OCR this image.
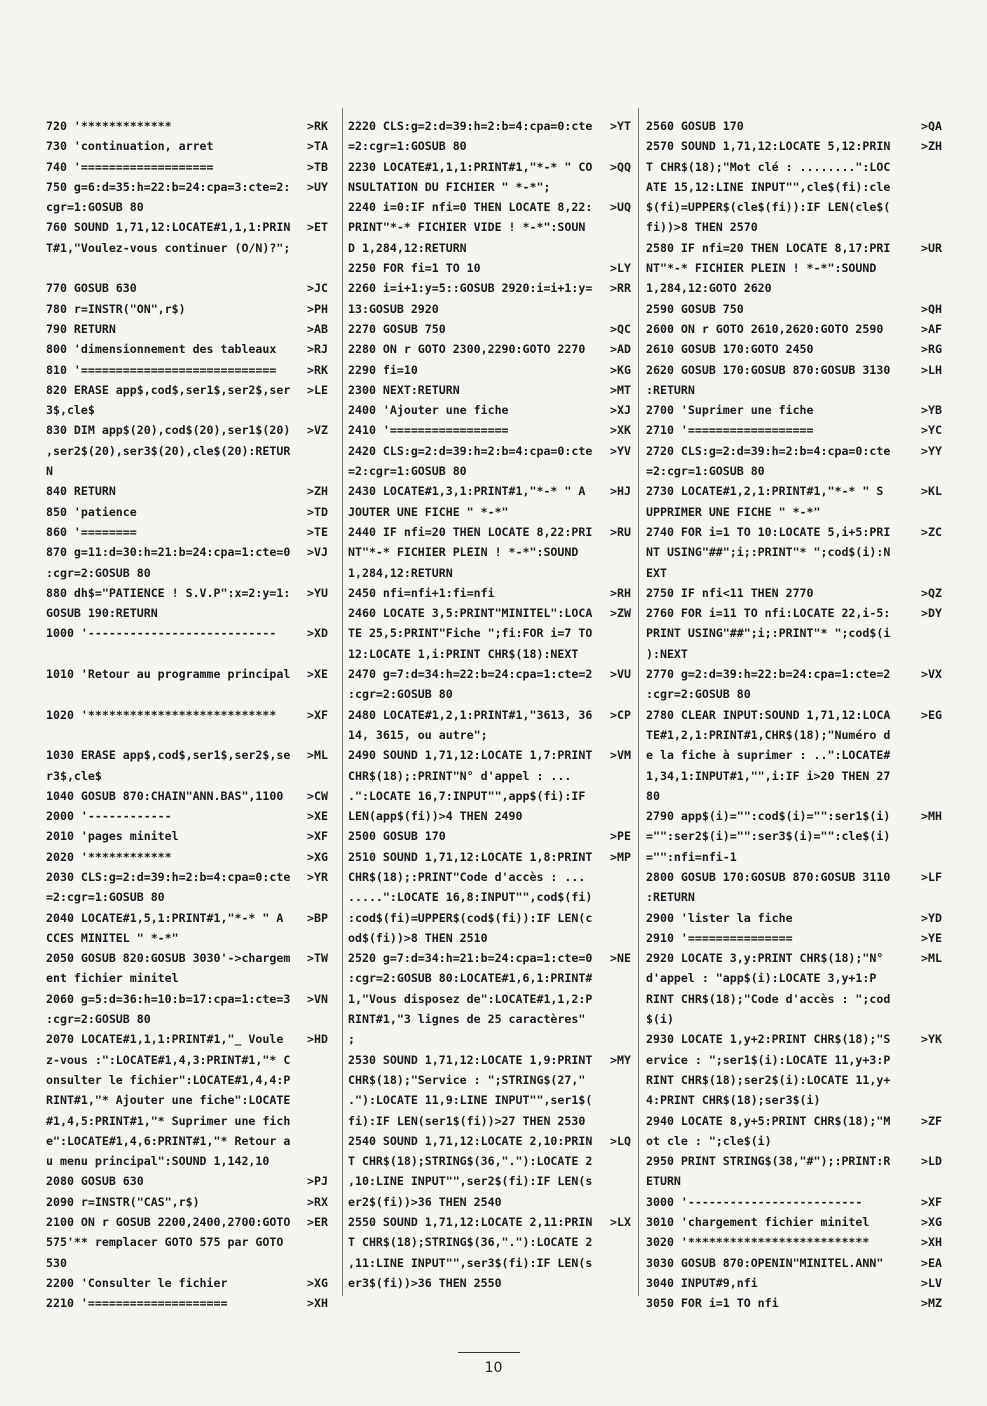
720 '*************	>RK
730 'continuation, arret	>TA
740 '===================	>TB
750 g=6:d=35:h=22:b=24:cpa=3:cte=2: >UY
cgr=1:GOSUB 80
760 SOUND 1,71,12:LOCATE#1,1,1:PRIN >ET
T#1,"Voulez-vous continuer (O/N)?";
770 GOSUB 630	>JC
780 r=INSTR("ON",r$)	>PH
790 RETURN	>AB
800 'dimensionnement des tableaux	>RJ
810 '============================	>RK
820 ERASE app$,cod$,ser1$,ser2$,ser >LE
3$,cle$
830 DIM app$(20),cod$(20),ser1$(20) >VZ
,ser2$(20),ser3$(20),cle$(20):RETUR
N
840 RETURN	>ZH
850 'patience	>TD
860 '========	>TE
870 g=11:d=30:h=21:b=24:cpa=1:cte=0 >VJ
:cgr=2:GOSUB 80
880 dh$="PATIENCE ! S.V.P":x=2:y=1: >YU
GOSUB 190:RETURN
1000 '---------------------------	>XD
1010 'Retour au programme principal >XE
1020 '***************************	>XF
1030 ERASE app$,cod$,ser1$,ser2$,se >ML
r3$,cle$
1040 GOSUB 870:CHAIN"ANN.BAS",1100 >CW
2000 '------------	>XE
2010 'pages minitel	>XF
2020 '************	>XG
2030 CLS:g=2:d=39:h=2:b=4:cpa=0:cte >YR
=2:cgr=1:GOSUB 80
2040 LOCATE#1,5,1:PRINT#1,"*-* " A >BP
CCES MINITEL " *-*"
2050 GOSUB 820:GOSUB 3030'->chargem >TW
ent fichier minitel
2060 g=5:d=36:h=10:b=17:cpa=1:cte=3 >VN
:cgr=2:GOSUB 80
2070 LOCATE#1,1,1:PRINT#1,"_ Voule >HD
z-vous :":LOCATE#1,4,3:PRINT#1,"* C
onsulter le fichier":LOCATE#1,4,4:P
RINT#1,"* Ajouter une fiche":LOCATE
#1,4,5:PRINT#1,"* Suprimer une fich
e":LOCATE#1,4,6:PRINT#1,"* Retour a
u menu principal":SOUND 1,142,10
2080 GOSUB 630	>PJ
2090 r=INSTR("CAS",r$)	>RX
2100 ON r GOSUB 2200,2400,2700:GOTO >ER
575'** remplacer GOTO 575 par GOTO
530
2200 'Consulter le fichier	>XG
2210 '====================	>XH
2220 CLS:g=2:d=39:h=2:b=4:cpa=0:cte >YT
=2:cgr=1:GOSUB 80
2230 LOCATE#1,1,1:PRINT#1,"*-* " CO >QQ
NSULTATION DU FICHIER " *-*";
2240 i=0:IF nfi=0 THEN LOCATE 8,22: >UQ
PRINT"*-* FICHIER VIDE ! *-*":SOUN
D 1,284,12:RETURN
2250 FOR fi=1 TO 10	>LY
2260 i=i+1:y=5::GOSUB 2920:i=i+1:y= >RR
13:GOSUB 2920
2270 GOSUB 750	>QC
2280 ON r GOTO 2300,2290:GOTO 2270 >AD
2290 fi=10	>KG
2300 NEXT:RETURN	>MT
2400 'Ajouter une fiche	>XJ
2410 '=================	>XK
2420 CLS:g=2:d=39:h=2:b=4:cpa=0:cte >YV
=2:cgr=1:GOSUB 80
2430 LOCATE#1,3,1:PRINT#1,"*-* " A >HJ
JOUTER UNE FICHE " *-*"
2440 IF nfi=20 THEN LOCATE 8,22:PRI >RU
NT"*-* FICHIER PLEIN ! *-*":SOUND
1,284,12:RETURN
2450 nfi=nfi+1:fi=nfi	>RH
2460 LOCATE 3,5:PRINT"MINITEL":LOCA >ZW
TE 25,5:PRINT"Fiche ";fi:FOR i=7 TO
12:LOCATE 1,i:PRINT CHR$(18):NEXT
2470 g=7:d=34:h=22:b=24:cpa=1:cte=2 >VU
:cgr=2:GOSUB 80
2480 LOCATE#1,2,1:PRINT#1,"3613, 36 >CP
14, 3615, ou autre";
2490 SOUND 1,71,12:LOCATE 1,7:PRINT >VM
CHR$(18);:PRINT"N° d'appel : ...
.":LOCATE 16,7:INPUT"",app$(fi):IF
LEN(app$(fi))>4 THEN 2490
2500 GOSUB 170	>PE
2510 SOUND 1,71,12:LOCATE 1,8:PRINT >MP
CHR$(18);:PRINT"Code d'accès : ...
.....":LOCATE 16,8:INPUT"",cod$(fi)
:cod$(fi)=UPPER$(cod$(fi)):IF LEN(c
od$(fi))>8 THEN 2510
2520 g=7:d=34:h=21:b=24:cpa=1:cte=0 >NE
:cgr=2:GOSUB 80:LOCATE#1,6,1:PRINT#
1,"Vous disposez de":LOCATE#1,1,2:P
RINT#1,"3 lignes de 25 caractères"
;
2530 SOUND 1,71,12:LOCATE 1,9:PRINT >MY
CHR$(18);"Service : ";STRING$(27,"
."):LOCATE 11,9:LINE INPUT"",ser1$(
fi):IF LEN(ser1$(fi))>27 THEN 2530
2540 SOUND 1,71,12:LOCATE 2,10:PRIN >LQ
T CHR$(18);STRING$(36,"."):LOCATE 2
,10:LINE INPUT"",ser2$(fi):IF LEN(s
er2$(fi))>36 THEN 2540
2550 SOUND 1,71,12:LOCATE 2,11:PRIN >LX
T CHR$(18);STRING$(36,"."):LOCATE 2
,11:LINE INPUT"",ser3$(fi):IF LEN(s
er3$(fi))>36 THEN 2550
2560 GOSUB 170	>QA
2570 SOUND 1,71,12:LOCATE 5,12:PRIN	>ZH
T CHR$(18);"Mot clé : ........":LOC
ATE 15,12:LINE INPUT"",cle$(fi):cle
$(fi)=UPPER$(cle$(fi)):IF LEN(cle$(
fi))>8 THEN 2570
2580 IF nfi=20 THEN LOCATE 8,17:PRI	>UR
NT"*-* FICHIER PLEIN ! *-*":SOUND
1,284,12:GOTO 2620
2590 GOSUB 750	>QH
2600 ON r GOTO 2610,2620:GOTO 2590	>AF
2610 GOSUB 170:GOTO 2450	>RG
2620 GOSUB 170:GOSUB 870:GOSUB 3130	>LH
:RETURN
2700 'Suprimer une fiche	>YB
2710 '==================	>YC
2720 CLS:g=2:d=39:h=2:b=4:cpa=0:cte	>YY
=2:cgr=1:GOSUB 80
2730 LOCATE#1,2,1:PRINT#1,"*-* " S	>KL
UPPRIMER UNE FICHE " *-*"
2740 FOR i=1 TO 10:LOCATE 5,i+5:PRI	>ZC
NT USING"##";i;:PRINT"* ";cod$(i):N
EXT
2750 IF nfi<11 THEN 2770	>QZ
2760 FOR i=11 TO nfi:LOCATE 22,i-5:	>DY
PRINT USING"##";i;:PRINT"* ";cod$(i
):NEXT
2770 g=2:d=39:h=22:b=24:cpa=1:cte=2	>VX
:cgr=2:GOSUB 80
2780 CLEAR INPUT:SOUND 1,71,12:LOCA	>EG
TE#1,2,1:PRINT#1,CHR$(18);"Numéro d
e la fiche à suprimer : ..":LOCATE#
1,34,1:INPUT#1,"",i:IF i>20 THEN 27
80
2790 app$(i)="":cod$(i)="":ser1$(i)	>MH
="":ser2$(i)="":ser3$(i)="":cle$(i)
="":nfi=nfi-1
2800 GOSUB 170:GOSUB 870:GOSUB 3110	>LF
:RETURN
2900 'lister la fiche	>YD
2910 '===============	>YE
2920 LOCATE 3,y:PRINT CHR$(18);"N°	>ML
d'appel : "app$(i):LOCATE 3,y+1:P
RINT CHR$(18);"Code d'accès : ";cod
$(i)
2930 LOCATE 1,y+2:PRINT CHR$(18);"S	>YK
ervice : ";ser1$(i):LOCATE 11,y+3:P
RINT CHR$(18);ser2$(i):LOCATE 11,y+
4:PRINT CHR$(18);ser3$(i)
2940 LOCATE 8,y+5:PRINT CHR$(18);"M	>ZF
ot cle : ";cle$(i)
2950 PRINT STRING$(38,"#");:PRINT:R	>LD
ETURN
3000 '-------------------------	>XF
3010 'chargement fichier minitel	>XG
3020 '**************************	>XH
3030 GOSUB 870:OPENIN"MINITEL.ANN"	>EA
3040 INPUT#9,nfi	>LV
3050 FOR i=1 TO nfi	>MZ
10
